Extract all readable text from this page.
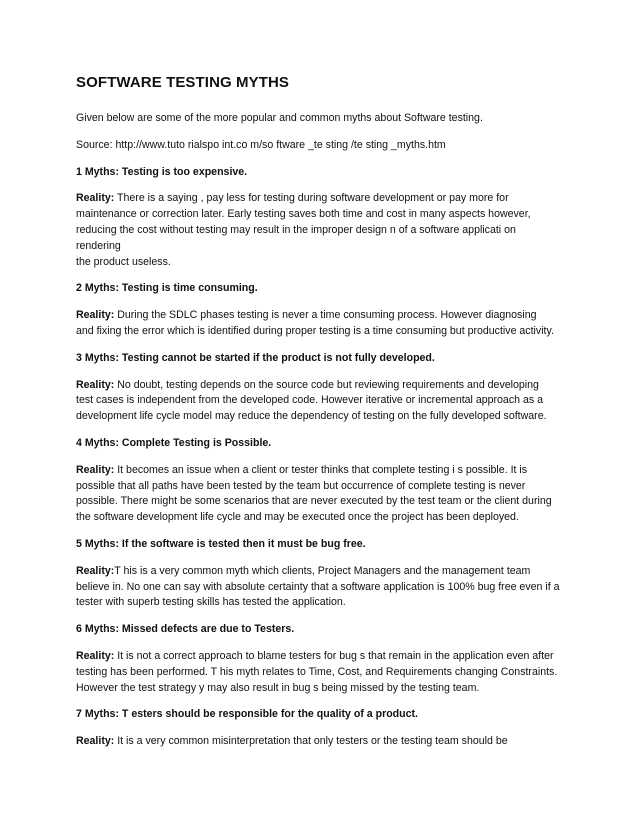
SOFTWARE TESTING MYTHS
Given below are some of the more popular and common myths about Software testing.
Source: http://www.tuto rialspo int.co m/so ftware _te sting /te sting _myths.htm
1 Myths: Testing is too expensive.
Reality: There is a saying , pay less for testing during software development or pay more for
maintenance or correction later. Early testing saves both time and cost in many aspects however,
reducing the cost without testing may result in the improper design n of a software applicati on
rendering
the product useless.
2 Myths: Testing is time consuming.
Reality: During the SDLC phases testing is never a time consuming process. However diagnosing
and fixing the error which is identified during proper testing is a time consuming but productive activity.
3 Myths: Testing cannot be started if the product is not fully developed.
Reality: No doubt, testing depends on the source code but reviewing requirements and developing
test cases is independent from the developed code. However iterative or incremental approach as a
development life cycle model may reduce the dependency of testing on the fully developed software.
4 Myths: Complete Testing is Possible.
Reality: It becomes an issue when a client or tester thinks that complete testing i s possible. It is
possible that all paths have been tested by the team but occurrence of complete testing is never
possible. There might be some scenarios that are never executed by the test team or the client during
the software development life cycle and may be executed once the project has been deployed.
5 Myths: If the software is tested then it must be bug free.
Reality:T his is a very common myth which clients, Project Managers and the management team
believe in. No one can say with absolute certainty that a software application is 100% bug free even if a
tester with superb testing skills has tested the application.
6 Myths: Missed defects are due to Testers.
Reality: It is not a correct approach to blame testers for bug s that remain in the application even after
testing has been performed. T his myth relates to Time, Cost, and Requirements changing Constraints.
However the test strategy y may also result in bug s being missed by the testing team.
7 Myths: T esters should be responsible for the quality of a product.
Reality: It is a very common misinterpretation that only testers or the testing team should be
